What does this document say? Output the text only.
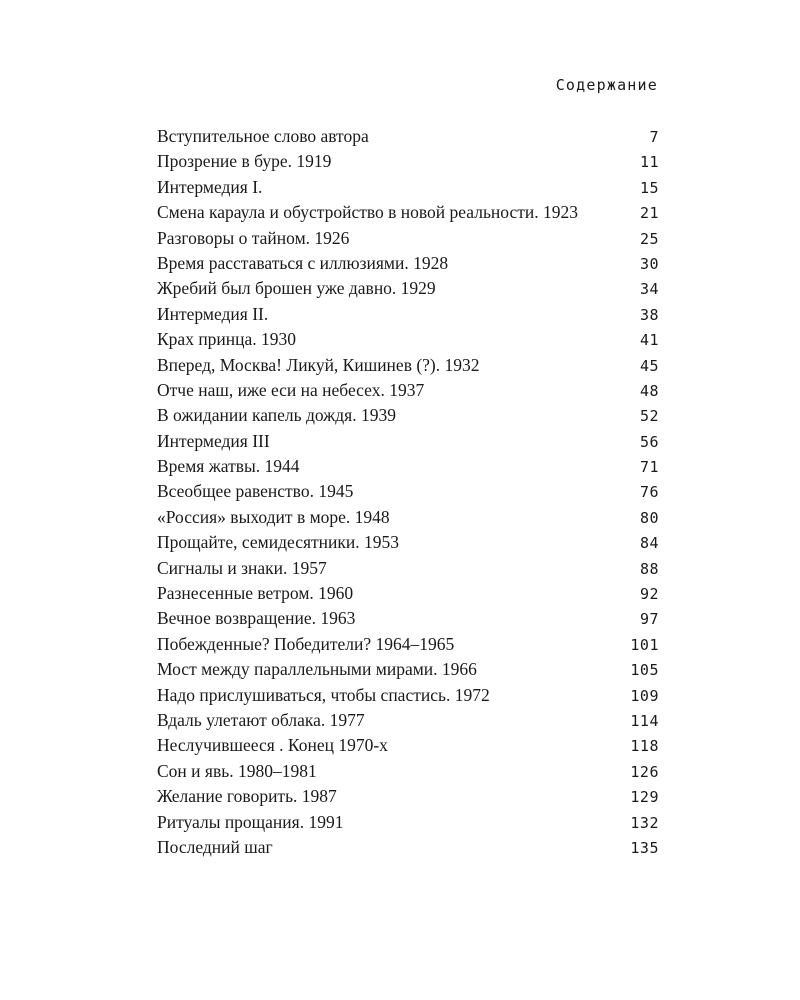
Содержание
Вступительное слово автора	7
Прозрение в буре. 1919	11
Интермедия I.	15
Смена караула и обустройство в новой реальности. 1923	21
Разговоры о тайном. 1926	25
Время расставаться с иллюзиями. 1928	30
Жребий был брошен уже давно. 1929	34
Интермедия II.	38
Крах принца. 1930	41
Вперед, Москва! Ликуй, Кишинев (?). 1932	45
Отче наш, иже еси на небесех. 1937	48
В ожидании капель дождя. 1939	52
Интермедия III	56
Время жатвы. 1944	71
Всеобщее равенство. 1945	76
«Россия» выходит в море. 1948	80
Прощайте, семидесятники. 1953	84
Сигналы и знаки. 1957	88
Разнесенные ветром. 1960	92
Вечное возвращение. 1963	97
Побежденные? Победители? 1964–1965	101
Мост между параллельными мирами. 1966	105
Надо прислушиваться, чтобы спастись. 1972	109
Вдаль улетают облака. 1977	114
Неслучившееся . Конец 1970-х	118
Сон и явь. 1980–1981	126
Желание говорить. 1987	129
Ритуалы прощания. 1991	132
Последний шаг	135
